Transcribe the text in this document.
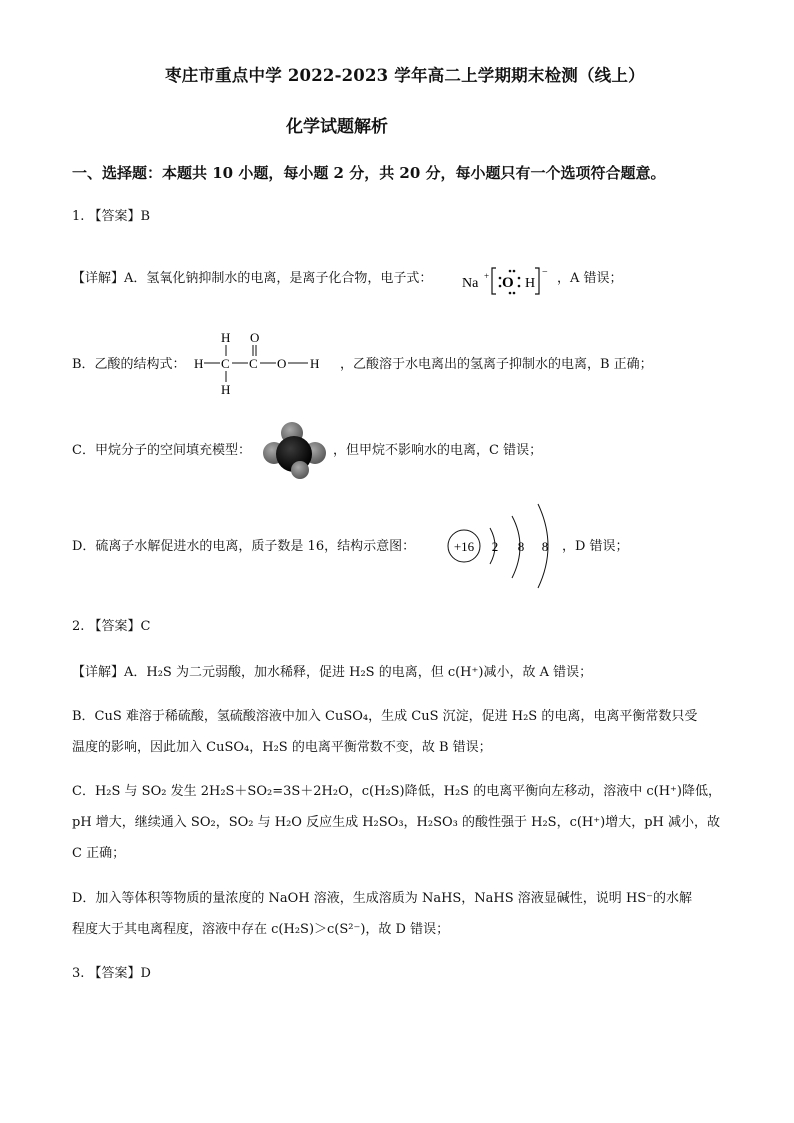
枣庄市重点中学 2022-2023 学年高二上学期期末检测（线上）
化学试题解析
一、选择题：本题共 10 小题，每小题 2 分，共 20 分，每小题只有一个选项符合题意。
1. 【答案】B
【详解】A．氢氧化钠抑制水的电离，是离子化合物，电子式： Na + O H
− ，A 错误；
B．乙酸的结构式：
H O
H C C O H
H
，乙酸溶于水电离出的氢离子抑制水的电离，B 正确；
C．甲烷分子的空间填充模型：	，但甲烷不影响水的电离，C 错误；
D．硫离子水解促进水的电离，质子数是 16，结构示意图：	+16 2 8 8 ，D 错误；
2. 【答案】C
【详解】A．H₂S 为二元弱酸，加水稀释，促进 H₂S 的电离，但 c(H⁺)减小，故 A 错误；
B．CuS 难溶于稀硫酸，氢硫酸溶液中加入 CuSO₄，生成 CuS 沉淀，促进 H₂S 的电离，电离平衡常数只受
温度的影响，因此加入 CuSO₄，H₂S 的电离平衡常数不变，故 B 错误；
C．H₂S 与 SO₂ 发生 2H₂S＋SO₂=3S＋2H₂O，c(H₂S)降低，H₂S 的电离平衡向左移动，溶液中 c(H⁺)降低，
pH 增大，继续通入 SO₂，SO₂ 与 H₂O 反应生成 H₂SO₃，H₂SO₃ 的酸性强于 H₂S，c(H⁺)增大，pH 减小，故
C 正确；
D．加入等体积等物质的量浓度的 NaOH 溶液，生成溶质为 NaHS，NaHS 溶液显碱性，说明 HS⁻的水解
程度大于其电离程度，溶液中存在 c(H₂S)＞c(S²⁻)，故 D 错误；
3. 【答案】D
